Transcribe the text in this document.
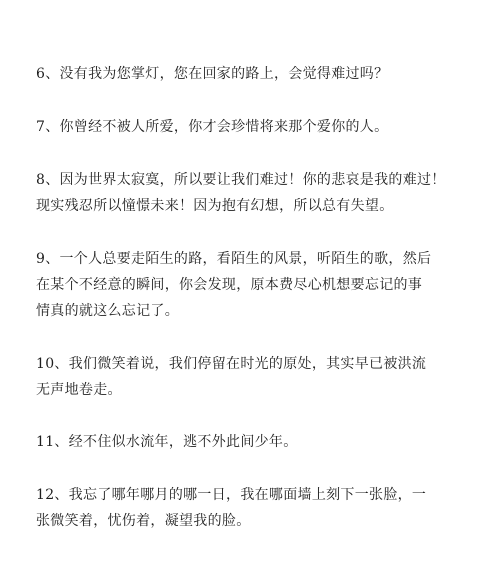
6、没有我为您掌灯，您在回家的路上，会觉得难过吗？

7、你曾经不被人所爱，你才会珍惜将来那个爱你的人。

8、因为世界太寂寞，所以要让我们难过！你的悲哀是我的难过！
现实残忍所以憧憬未来！因为抱有幻想，所以总有失望。

9、一个人总要走陌生的路，看陌生的风景，听陌生的歌，然后
在某个不经意的瞬间，你会发现，原本费尽心机想要忘记的事
情真的就这么忘记了。

10、我们微笑着说，我们停留在时光的原处，其实早已被洪流
无声地卷走。

11、经不住似水流年，逃不外此间少年。

12、我忘了哪年哪月的哪一日，我在哪面墙上刻下一张脸，一
张微笑着，忧伤着，凝望我的脸。
